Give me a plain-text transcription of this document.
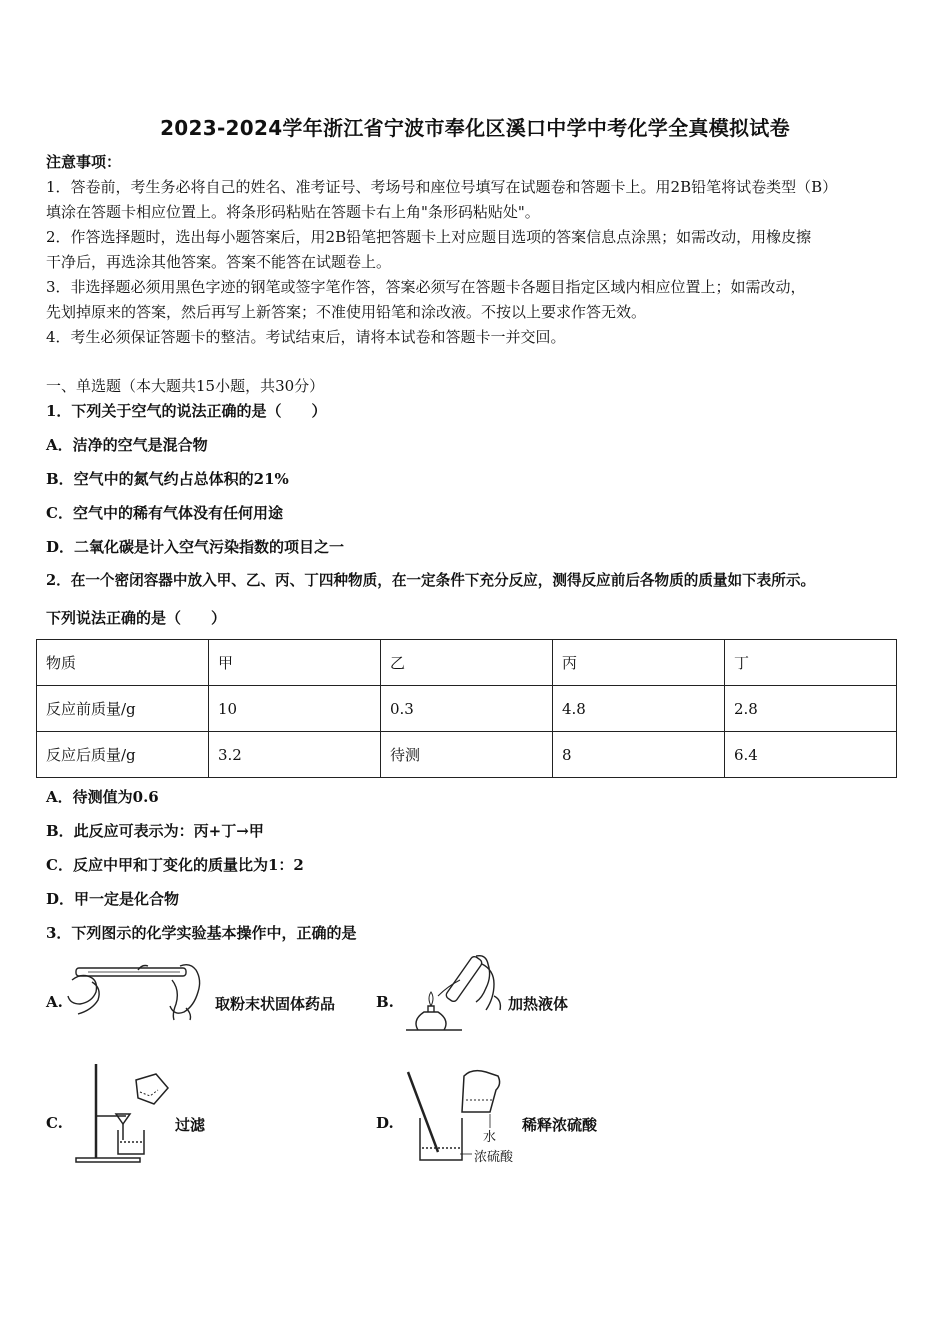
2023-2024学年浙江省宁波市奉化区溪口中学中考化学全真模拟试卷
注意事项：
1．答卷前，考生务必将自己的姓名、准考证号、考场号和座位号填写在试题卷和答题卡上。用2B铅笔将试卷类型（B）
填涂在答题卡相应位置上。将条形码粘贴在答题卡右上角"条形码粘贴处"。
2．作答选择题时，选出每小题答案后，用2B铅笔把答题卡上对应题目选项的答案信息点涂黑；如需改动，用橡皮擦
干净后，再选涂其他答案。答案不能答在试题卷上。
3．非选择题必须用黑色字迹的钢笔或签字笔作答，答案必须写在答题卡各题目指定区域内相应位置上；如需改动，
先划掉原来的答案，然后再写上新答案；不准使用铅笔和涂改液。不按以上要求作答无效。
4．考生必须保证答题卡的整洁。考试结束后，请将本试卷和答题卡一并交回。
一、单选题（本大题共15小题，共30分）
1．下列关于空气的说法正确的是（　　）
A．洁净的空气是混合物
B．空气中的氮气约占总体积的21%
C．空气中的稀有气体没有任何用途
D．二氧化碳是计入空气污染指数的项目之一
2．在一个密闭容器中放入甲、乙、丙、丁四种物质，在一定条件下充分反应，测得反应前后各物质的质量如下表所示。
下列说法正确的是（　　）
物质	甲	乙	丙	丁
反应前质量/g	10	0.3	4.8	2.8
反应后质量/g	3.2	待测	8	6.4
A．待测值为0.6
B．此反应可表示为：丙+丁→甲
C．反应中甲和丁变化的质量比为1：2
D．甲一定是化合物
3．下列图示的化学实验基本操作中，正确的是
A.	取粉末状固体药品	B.	加热液体
C.	过滤	D.
水
浓硫酸
稀释浓硫酸
